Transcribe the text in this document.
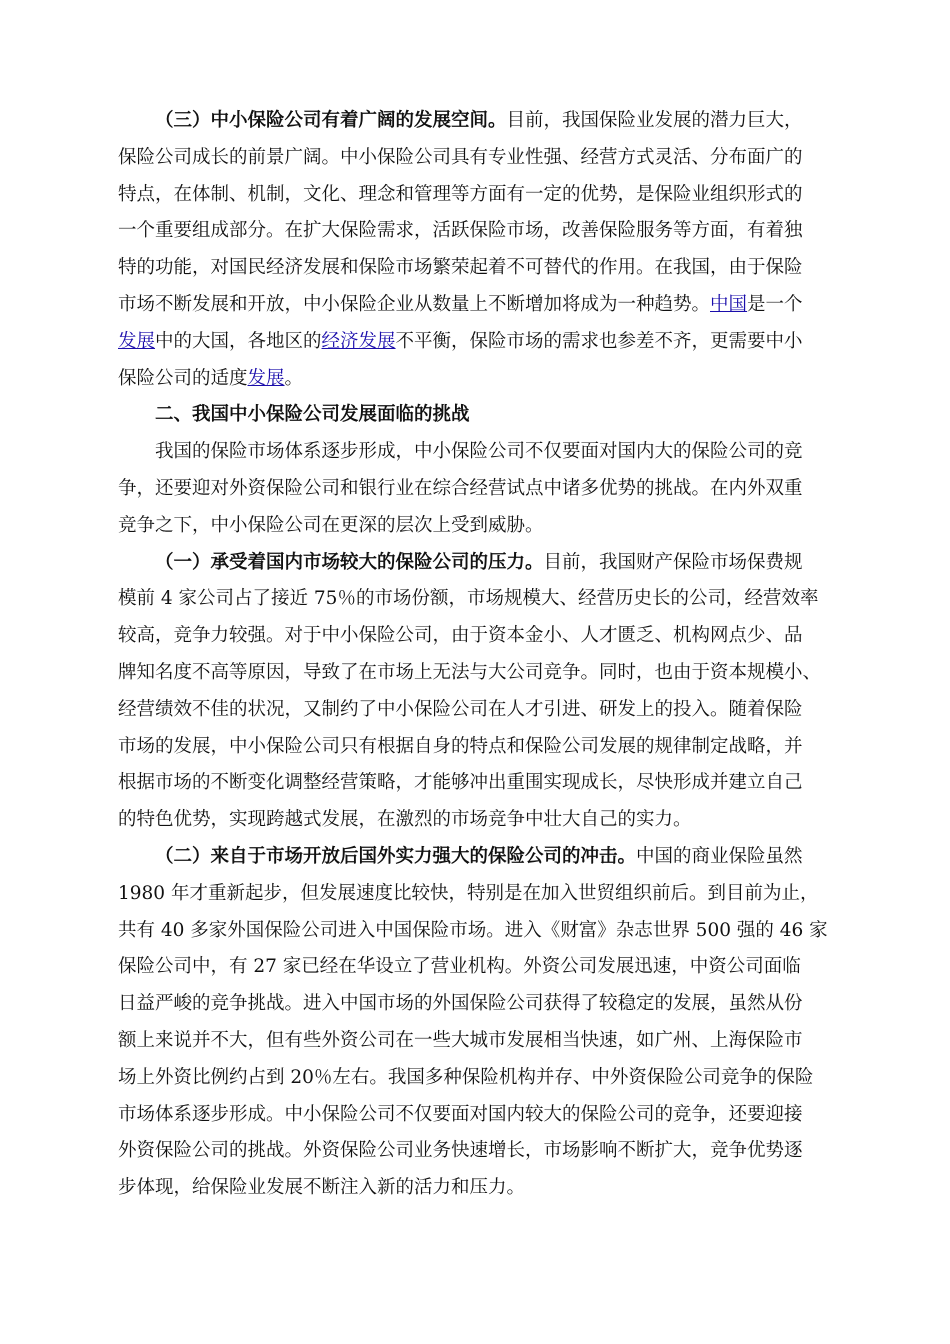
（三）中小保险公司有着广阔的发展空间。目前，我国保险业发展的潜力巨大，
保险公司成长的前景广阔。中小保险公司具有专业性强、经营方式灵活、分布面广的
特点，在体制、机制，文化、理念和管理等方面有一定的优势，是保险业组织形式的
一个重要组成部分。在扩大保险需求，活跃保险市场，改善保险服务等方面，有着独
特的功能，对国民经济发展和保险市场繁荣起着不可替代的作用。在我国，由于保险
市场不断发展和开放，中小保险企业从数量上不断增加将成为一种趋势。中国是一个
发展中的大国，各地区的经济发展不平衡，保险市场的需求也参差不齐，更需要中小
保险公司的适度发展。
二、我国中小保险公司发展面临的挑战
我国的保险市场体系逐步形成，中小保险公司不仅要面对国内大的保险公司的竞
争，还要迎对外资保险公司和银行业在综合经营试点中诸多优势的挑战。在内外双重
竞争之下，中小保险公司在更深的层次上受到威胁。
（一）承受着国内市场较大的保险公司的压力。目前，我国财产保险市场保费规
模前 4 家公司占了接近 75％的市场份额，市场规模大、经营历史长的公司，经营效率
较高，竞争力较强。对于中小保险公司，由于资本金小、人才匮乏、机构网点少、品
牌知名度不高等原因，导致了在市场上无法与大公司竞争。同时，也由于资本规模小、
经营绩效不佳的状况，又制约了中小保险公司在人才引进、研发上的投入。随着保险
市场的发展，中小保险公司只有根据自身的特点和保险公司发展的规律制定战略，并
根据市场的不断变化调整经营策略，才能够冲出重围实现成长，尽快形成并建立自己
的特色优势，实现跨越式发展，在激烈的市场竞争中壮大自己的实力。
（二）来自于市场开放后国外实力强大的保险公司的冲击。中国的商业保险虽然
1980 年才重新起步，但发展速度比较快，特别是在加入世贸组织前后。到目前为止，
共有 40 多家外国保险公司进入中国保险市场。进入《财富》杂志世界 500 强的 46 家
保险公司中，有 27 家已经在华设立了营业机构。外资公司发展迅速，中资公司面临
日益严峻的竞争挑战。进入中国市场的外国保险公司获得了较稳定的发展，虽然从份
额上来说并不大，但有些外资公司在一些大城市发展相当快速，如广州、上海保险市
场上外资比例约占到 20％左右。我国多种保险机构并存、中外资保险公司竞争的保险
市场体系逐步形成。中小保险公司不仅要面对国内较大的保险公司的竞争，还要迎接
外资保险公司的挑战。外资保险公司业务快速增长，市场影响不断扩大，竞争优势逐
步体现，给保险业发展不断注入新的活力和压力。
